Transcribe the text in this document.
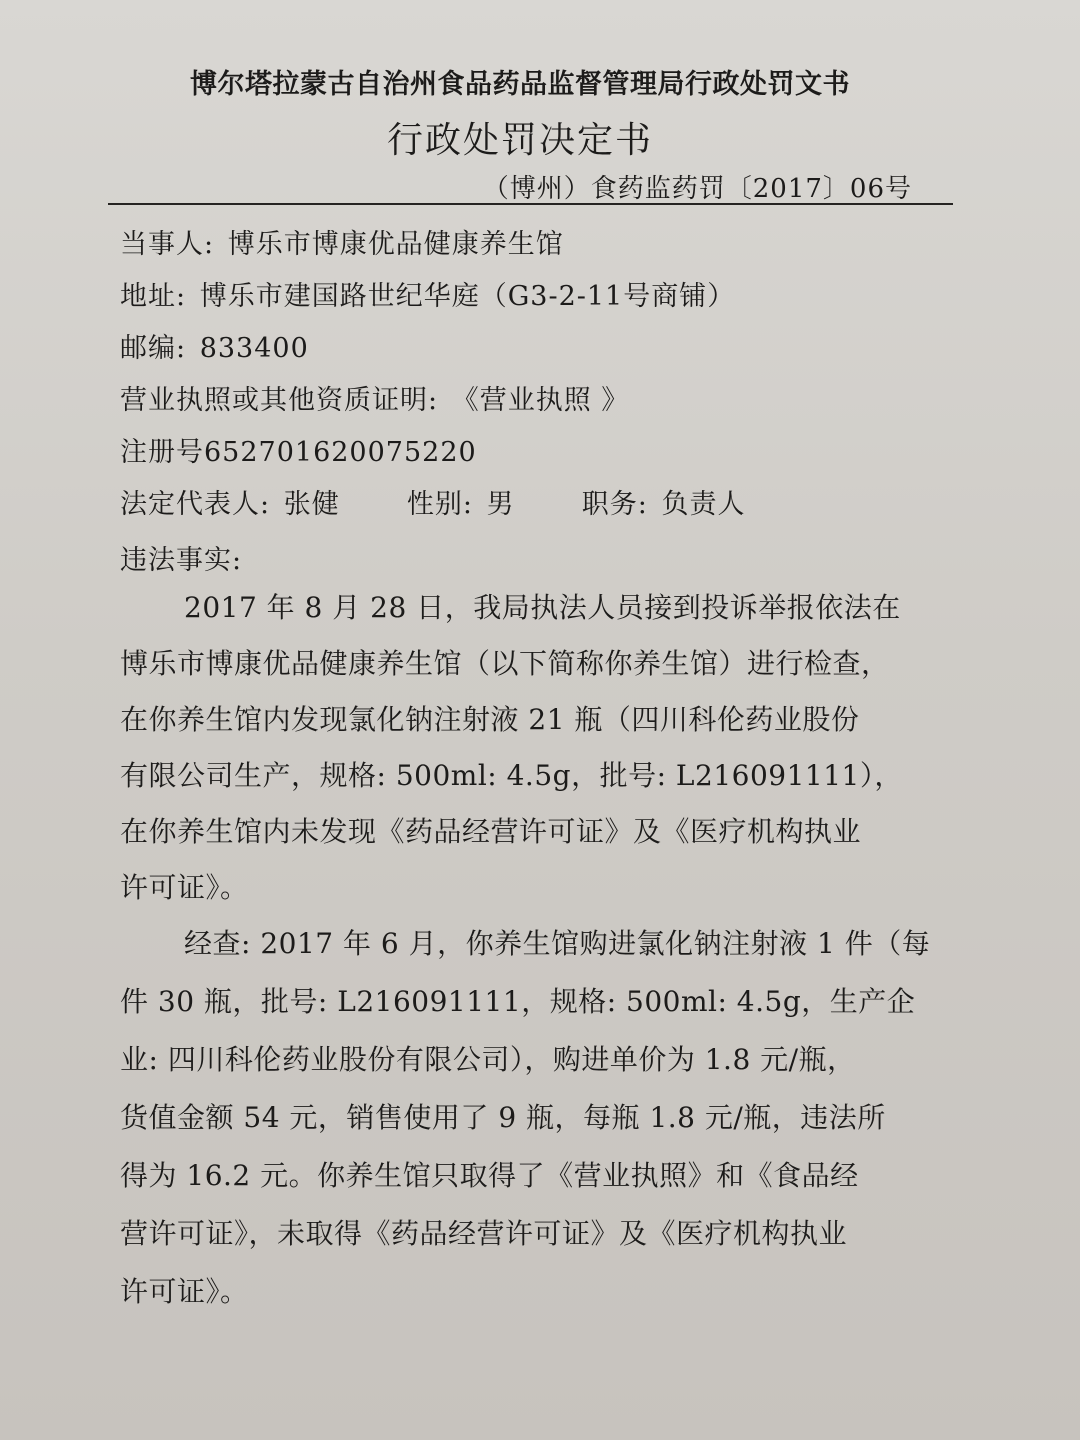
博尔塔拉蒙古自治州食品药品监督管理局行政处罚文书
行政处罚决定书
（博州）食药监药罚〔2017〕06号
当事人: 博乐市博康优品健康养生馆
地址: 博乐市建国路世纪华庭（G3-2-11号商铺）
邮编: 833400
营业执照或其他资质证明: 《营业执照 》
注册号652701620075220
法定代表人: 张健 性别: 男 职务: 负责人
违法事实:
2017 年 8 月 28 日，我局执法人员接到投诉举报依法在
博乐市博康优品健康养生馆（以下简称你养生馆）进行检查，
在你养生馆内发现氯化钠注射液 21 瓶（四川科伦药业股份
有限公司生产，规格: 500ml: 4.5g，批号: L216091111），
在你养生馆内未发现《药品经营许可证》及《医疗机构执业
许可证》。
经查: 2017 年 6 月，你养生馆购进氯化钠注射液 1 件（每
件 30 瓶，批号: L216091111，规格: 500ml: 4.5g，生产企
业: 四川科伦药业股份有限公司），购进单价为 1.8 元/瓶，
货值金额 54 元，销售使用了 9 瓶，每瓶 1.8 元/瓶，违法所
得为 16.2 元。你养生馆只取得了《营业执照》和《食品经
营许可证》，未取得《药品经营许可证》及《医疗机构执业
许可证》。
